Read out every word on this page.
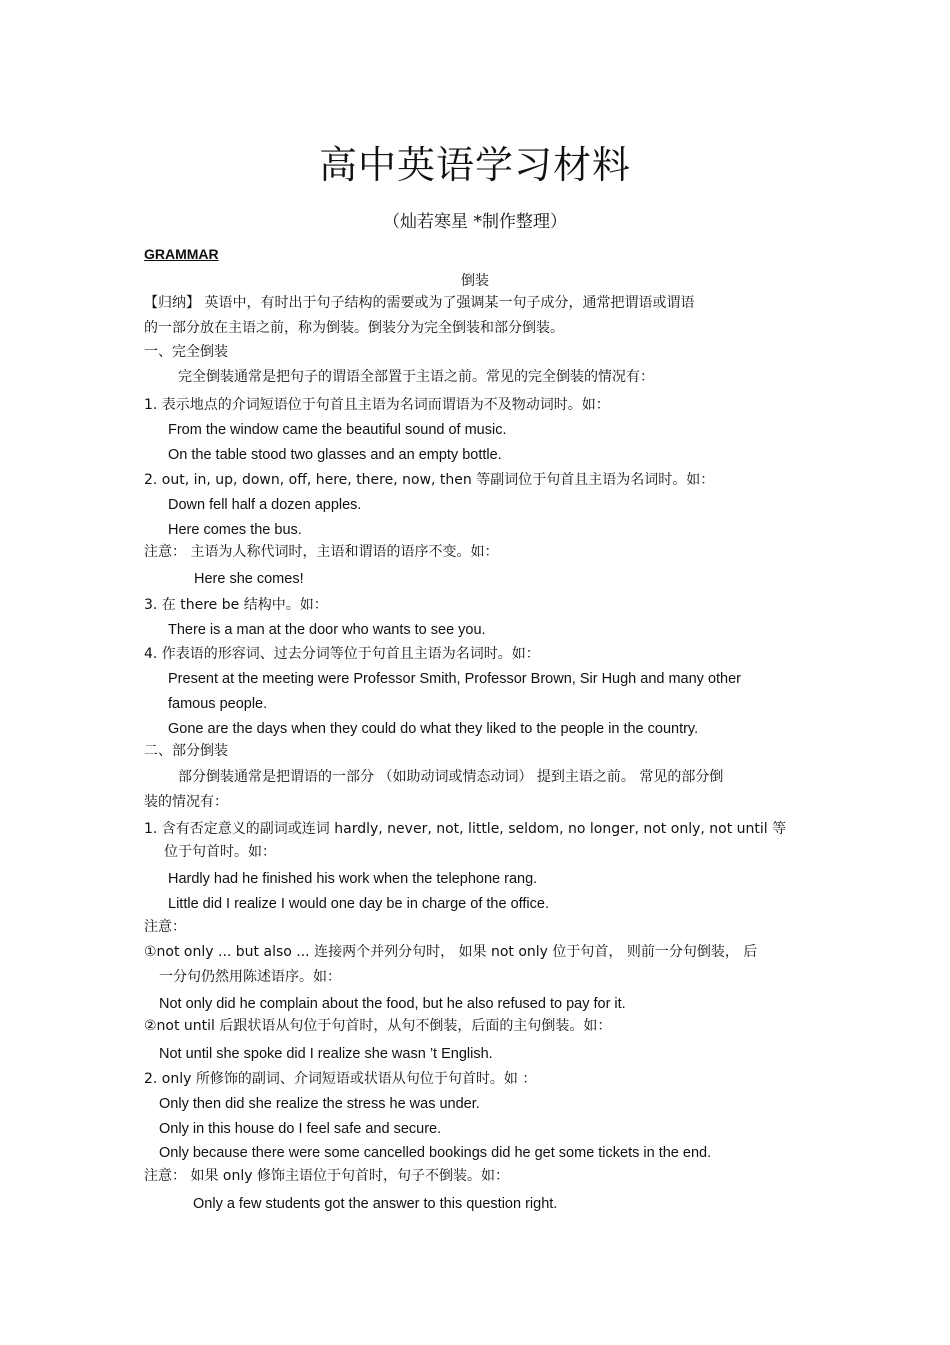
高中英语学习材料
（灿若寒星 *制作整理）
GRAMMAR
倒装
【归纳】 英语中，有时出于句子结构的需要或为了强调某一句子成分，通常把谓语或谓语
的一部分放在主语之前，称为倒装。倒装分为完全倒装和部分倒装。
一、完全倒装
完全倒装通常是把句子的谓语全部置于主语之前。常见的完全倒装的情况有：
1. 表示地点的介词短语位于句首且主语为名词而谓语为不及物动词时。如：
From the window came the beautiful sound of music.
On the table stood two glasses and an empty bottle.
2. out, in, up, down, off, here, there, now, then 等副词位于句首且主语为名词时。如：
Down fell half a dozen apples.
Here comes the bus.
注意： 主语为人称代词时，主语和谓语的语序不变。如：
Here she comes!
3. 在 there be 结构中。如：
There is a man at the door who wants to see you.
4. 作表语的形容词、过去分词等位于句首且主语为名词时。如：
Present at the meeting were Professor Smith, Professor Brown, Sir Hugh and many other
famous people.
Gone are the days when they could do what they liked to the people in the country.
二、部分倒装
部分倒装通常是把谓语的一部分 （如助动词或情态动词） 提到主语之前。 常见的部分倒
装的情况有：
1. 含有否定意义的副词或连词 hardly, never, not, little, seldom, no longer, not only, not until 等
位于句首时。如：
Hardly had he finished his work when the telephone rang.
Little did I realize I would one day be in charge of the office.
注意：
①not only ... but also ... 连接两个并列分句时， 如果 not only 位于句首， 则前一分句倒装， 后
一分句仍然用陈述语序。如：
Not only did he complain about the food, but he also refused to pay for it.
②not until 后跟状语从句位于句首时，从句不倒装，后面的主句倒装。如：
Not until she spoke did I realize she wasn ’t English.
2. only 所修饰的副词、介词短语或状语从句位于句首时。如 ：
Only then did she realize the stress he was under.
Only in this house do I feel safe and secure.
Only because there were some cancelled bookings did he get some tickets in the end.
注意： 如果 only 修饰主语位于句首时，句子不倒装。如：
Only a few students got the answer to this question right.
